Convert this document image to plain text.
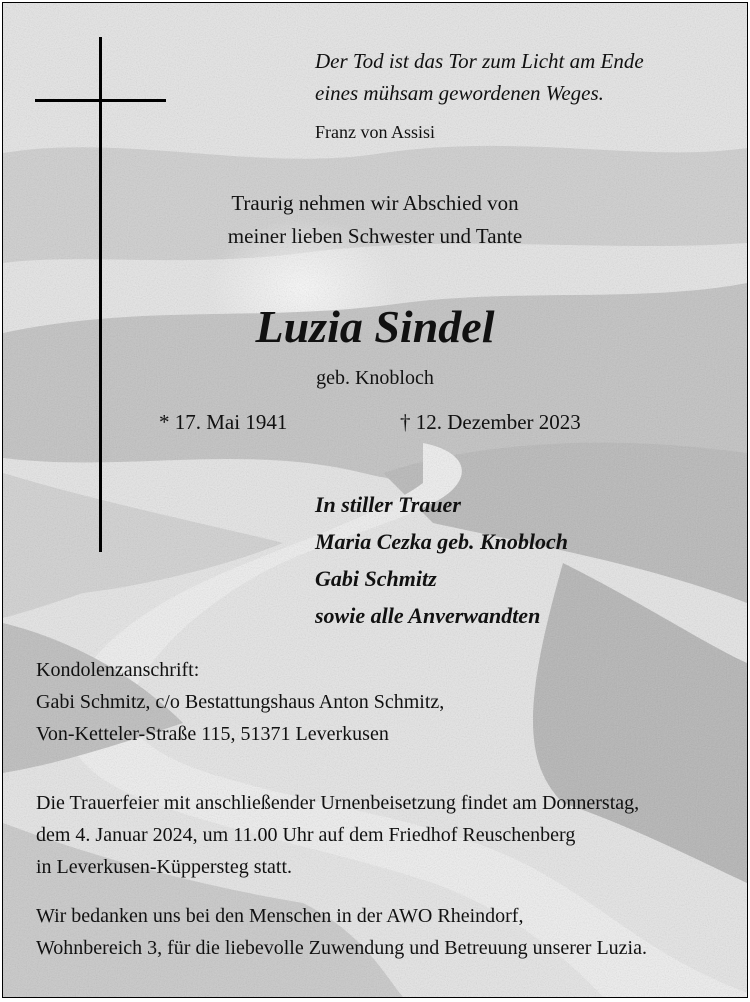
Der Tod ist das Tor zum Licht am Ende

eines mühsam gewordenen Weges.

Franz von Assisi

Traurig nehmen wir Abschied von

meiner lieben Schwester und Tante

Luzia Sindel

geb. Knobloch

* 17. Mai 1941	† 12. Dezember 2023

In stiller Trauer

Maria Cezka geb. Knobloch

Gabi Schmitz

sowie alle Anverwandten

Kondolenzanschrift:

Gabi Schmitz, c/o Bestattungshaus Anton Schmitz,

Von-Ketteler-Straße 115, 51371 Leverkusen

Die Trauerfeier mit anschließender Urnenbeisetzung findet am Donnerstag,

dem 4. Januar 2024, um 11.00 Uhr auf dem Friedhof Reuschenberg

in Leverkusen-Küppersteg statt.

Wir bedanken uns bei den Menschen in der AWO Rheindorf,

Wohnbereich 3, für die liebevolle Zuwendung und Betreuung unserer Luzia.
